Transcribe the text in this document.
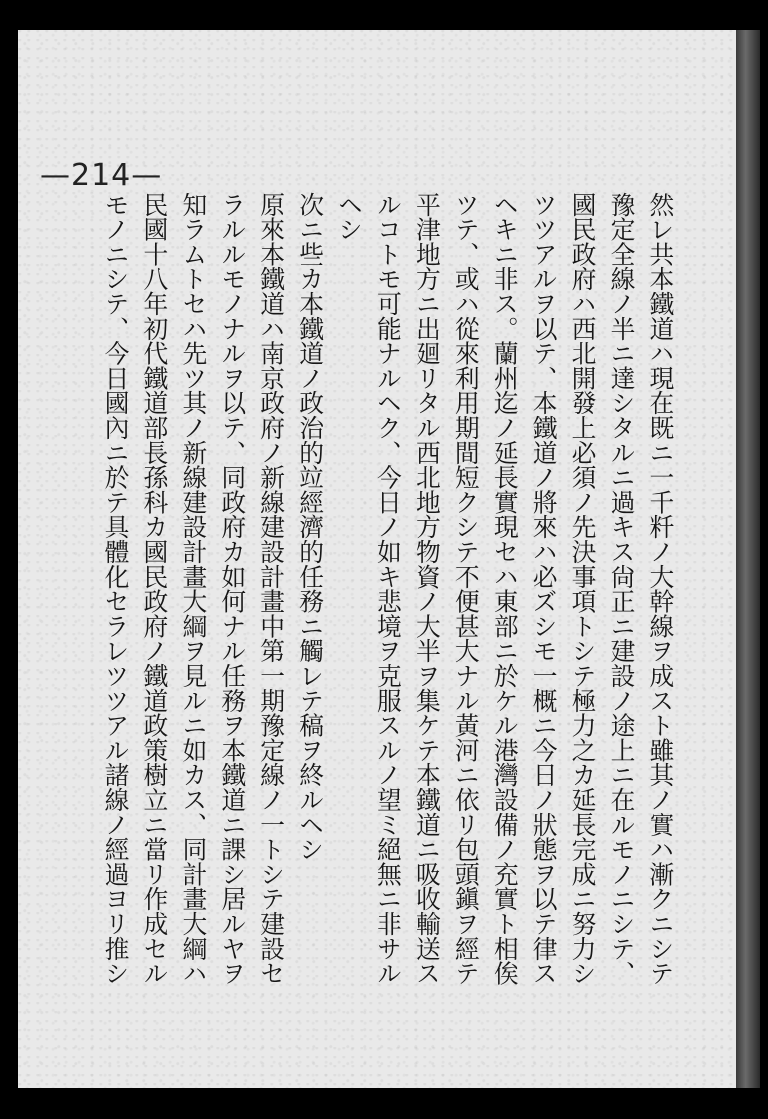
—214—
然レ共本鐵道ハ現在既ニ一千粁ノ大幹線ヲ成スト雖其ノ實ハ漸クニシテ
豫定全線ノ半ニ達シタルニ過キス尙正ニ建設ノ途上ニ在ルモノニシテ、
國民政府ハ西北開發上必須ノ先決事項トシテ極力之カ延長完成ニ努力シ
ツツアルヲ以テ、本鐵道ノ將來ハ必ズシモ一概ニ今日ノ狀態ヲ以テ律ス
ヘキニ非ス。蘭州迄ノ延長實現セハ東部ニ於ケル港灣設備ノ充實ト相俟
ツテ、或ハ從來利用期間短クシテ不便甚大ナル黃河ニ依リ包頭鎭ヲ經テ
平津地方ニ出廻リタル西北地方物資ノ大半ヲ集ケテ本鐵道ニ吸收輸送ス
ルコトモ可能ナルヘク、今日ノ如キ悲境ヲ克服スルノ望ミ絕無ニ非サル
ヘシ
次ニ些カ本鐵道ノ政治的竝經濟的任務ニ觸レテ稿ヲ終ルヘシ
原來本鐵道ハ南京政府ノ新線建設計畫中第一期豫定線ノ一トシテ建設セ
ラルルモノナルヲ以テ、同政府カ如何ナル任務ヲ本鐵道ニ課シ居ルヤヲ
知ラムトセハ先ツ其ノ新線建設計畫大綱ヲ見ルニ如カス、同計畫大綱ハ
民國十八年初代鐵道部長孫科カ國民政府ノ鐵道政策樹立ニ當リ作成セル
モノニシテ、今日國內ニ於テ具體化セラレツツアル諸線ノ經過ヨリ推シ
